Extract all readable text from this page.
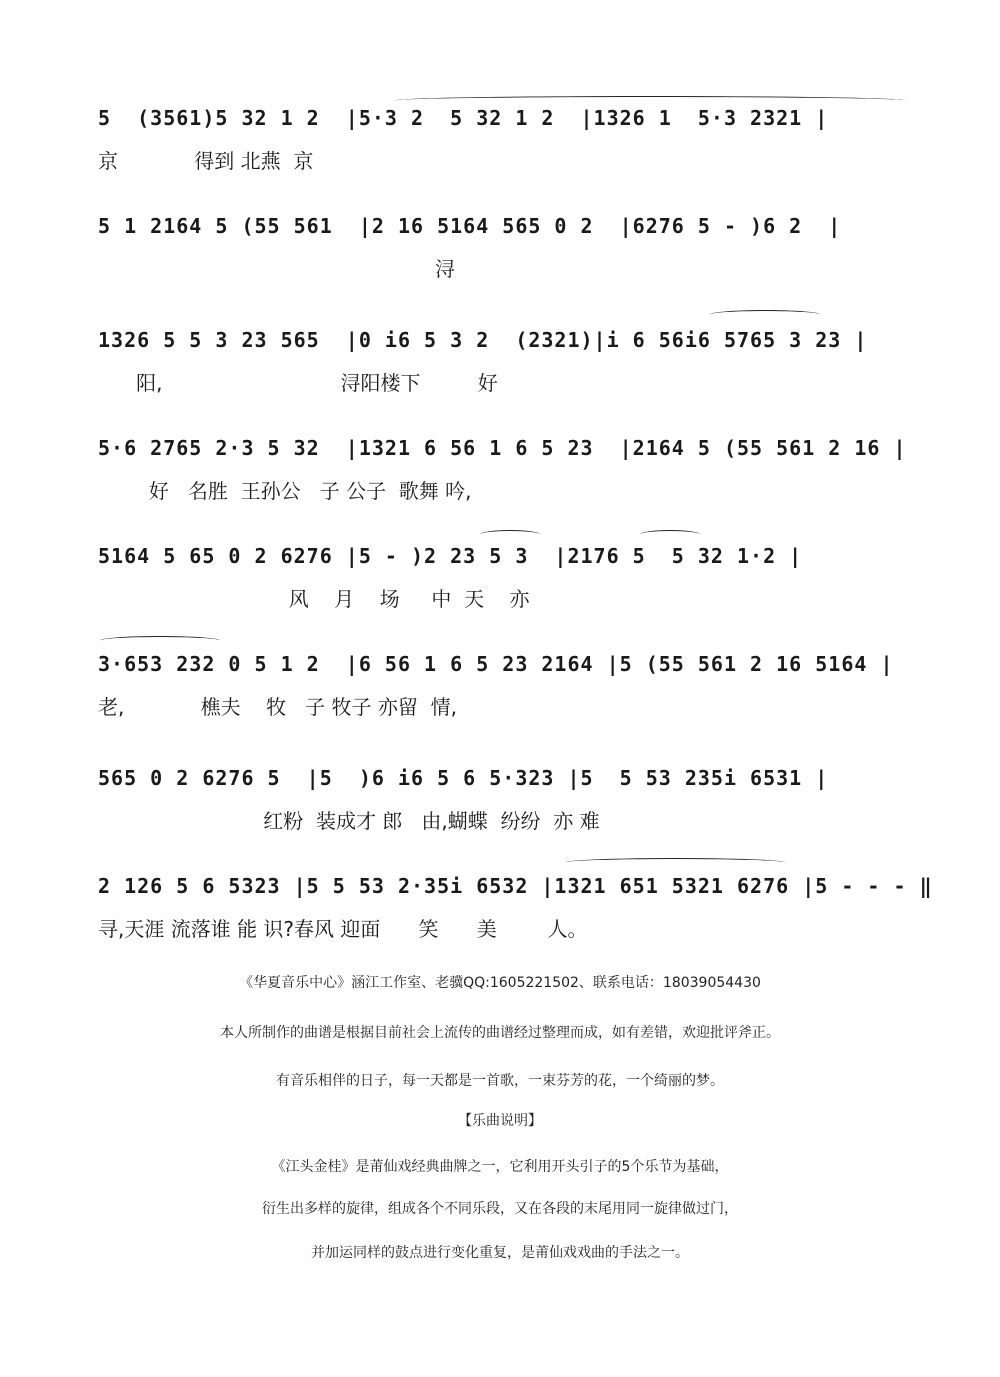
5  (3561)5 32 1 2  |5·3 2  5 32 1 2  |1326 1  5·3 2321 |
京            得到 北燕  京
5 1 2164 5 (55 561  |2 16 5164 565 0 2  |6276 5 - )6 2  |
浔
1326 5 5 3 23 565  |0 i6 5 3 2  (2321)|i 6 56i6 5765 3 23 |
阳,                            浔阳楼下         好
5·6 2765 2·3 5 32  |1321 6 56 1 6 5 23  |2164 5 (55 561 2 16 |
好   名胜  王孙公   子 公子  歌舞 吟,
5164 5 65 0 2 6276 |5 - )2 23 5 3  |2176 5  5 32 1·2 |
风    月    场     中  天    亦
3·653 232 0 5 1 2  |6 56 1 6 5 23 2164 |5 (55 561 2 16 5164 |
老,            樵夫    牧   子 牧子 亦留  情,
565 0 2 6276 5  |5  )6 i6 5 6 5·323 |5  5 53 235i 6531 |
红粉  装成才 郎   由,蝴蝶  纷纷  亦 难
2 126 5 6 5323 |5 5 53 2·35i 6532 |1321 651 5321 6276 |5 - - - ‖
寻,天涯 流落谁 能 识?春风 迎面      笑      美        人。
《华夏音乐中心》涵江工作室、老骥QQ:1605221502、联系电话：18039054430
本人所制作的曲谱是根据目前社会上流传的曲谱经过整理而成，如有差错，欢迎批评斧正。
有音乐相伴的日子，每一天都是一首歌，一束芬芳的花，一个绮丽的梦。
【乐曲说明】
《江头金桂》是莆仙戏经典曲牌之一，它利用开头引子的5个乐节为基础，
衍生出多样的旋律，组成各个不同乐段，又在各段的末尾用同一旋律做过门，
并加运同样的鼓点进行变化重复，是莆仙戏戏曲的手法之一。
